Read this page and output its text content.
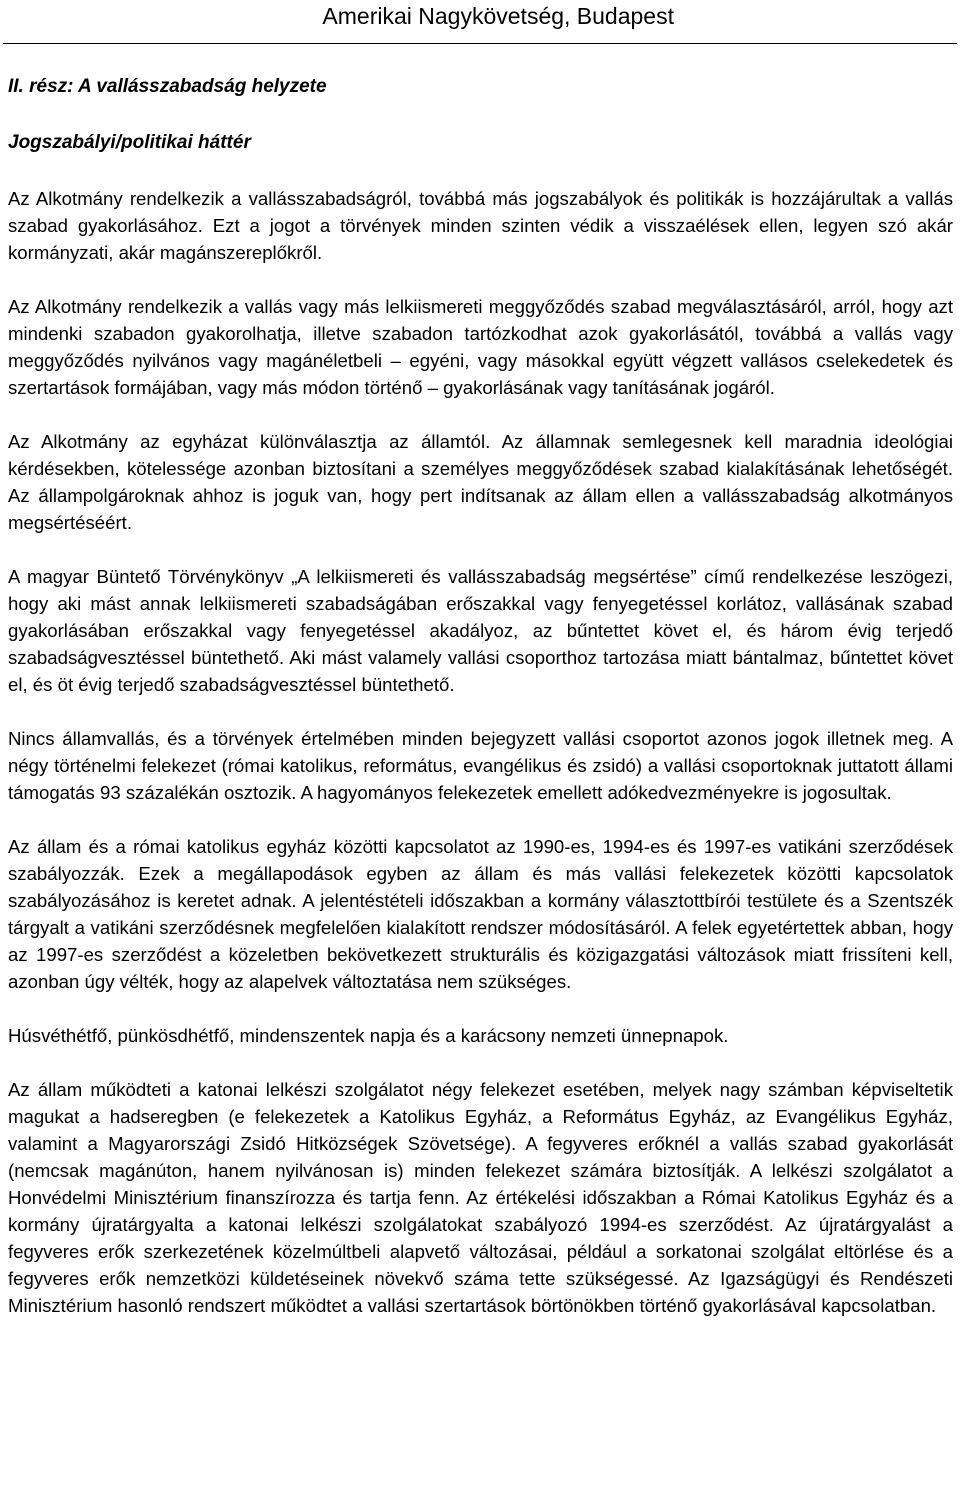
Amerikai Nagykövetség, Budapest
II. rész: A vallásszabadság helyzete
Jogszabályi/politikai háttér

Az Alkotmány rendelkezik a vallásszabadságról, továbbá más jogszabályok és politikák is hozzájárultak a vallás szabad gyakorlásához. Ezt a jogot a törvények minden szinten védik a visszaélések ellen, legyen szó akár kormányzati, akár magánszereplőkről.

Az Alkotmány rendelkezik a vallás vagy más lelkiismereti meggyőződés szabad megválasztásáról, arról, hogy azt mindenki szabadon gyakorolhatja, illetve szabadon tartózkodhat azok gyakorlásától, továbbá a vallás vagy meggyőződés nyilvános vagy magánéletbeli – egyéni, vagy másokkal együtt végzett vallásos cselekedetek és szertartások formájában, vagy más módon történő – gyakorlásának vagy tanításának jogáról.

Az Alkotmány az egyházat különválasztja az államtól. Az államnak semlegesnek kell maradnia ideológiai kérdésekben, kötelessége azonban biztosítani a személyes meggyőződések szabad kialakításának lehetőségét. Az állampolgároknak ahhoz is joguk van, hogy pert indítsanak az állam ellen a vallásszabadság alkotmányos megsértéséért.

A magyar Büntető Törvénykönyv „A lelkiismereti és vallásszabadság megsértése” című rendelkezése leszögezi, hogy aki mást annak lelkiismereti szabadságában erőszakkal vagy fenyegetéssel korlátoz, vallásának szabad gyakorlásában erőszakkal vagy fenyegetéssel akadályoz, az bűntettet követ el, és három évig terjedő szabadságvesztéssel büntethető. Aki mást valamely vallási csoporthoz tartozása miatt bántalmaz, bűntettet követ el, és öt évig terjedő szabadságvesztéssel büntethető.

Nincs államvallás, és a törvények értelmében minden bejegyzett vallási csoportot azonos jogok illetnek meg. A négy történelmi felekezet (római katolikus, református, evangélikus és zsidó) a vallási csoportoknak juttatott állami támogatás 93 százalékán osztozik. A hagyományos felekezetek emellett adókedvezményekre is jogosultak.

Az állam és a római katolikus egyház közötti kapcsolatot az 1990-es, 1994-es és 1997-es vatikáni szerződések szabályozzák. Ezek a megállapodások egyben az állam és más vallási felekezetek közötti kapcsolatok szabályozásához is keretet adnak. A jelentéstételi időszakban a kormány választottbírói testülete és a Szentszék tárgyalt a vatikáni szerződésnek megfelelően kialakított rendszer módosításáról. A felek egyetértettek abban, hogy az 1997-es szerződést a közeletben bekövetkezett strukturális és közigazgatási változások miatt frissíteni kell, azonban úgy vélték, hogy az alapelvek változtatása nem szükséges.

Húsvéthétfő, pünkösdhétfő, mindenszentek napja és a karácsony nemzeti ünnepnapok.

Az állam működteti a katonai lelkészi szolgálatot négy felekezet esetében, melyek nagy számban képviseltetik magukat a hadseregben (e felekezetek a Katolikus Egyház, a Református Egyház, az Evangélikus Egyház, valamint a Magyarországi Zsidó Hitközségek Szövetsége). A fegyveres erőknél a vallás szabad gyakorlását (nemcsak magánúton, hanem nyilvánosan is) minden felekezet számára biztosítják. A lelkészi szolgálatot a Honvédelmi Minisztérium finanszírozza és tartja fenn. Az értékelési időszakban a Római Katolikus Egyház és a kormány újratárgyalta a katonai lelkészi szolgálatokat szabályozó 1994-es szerződést. Az újratárgyalást a fegyveres erők szerkezetének közelmúltbeli alapvető változásai, például a sorkatonai szolgálat eltörlése és a fegyveres erők nemzetközi küldetéseinek növekvő száma tette szükségessé. Az Igazságügyi és Rendészeti Minisztérium hasonló rendszert működtet a vallási szertartások börtönökben történő gyakorlásával kapcsolatban.
